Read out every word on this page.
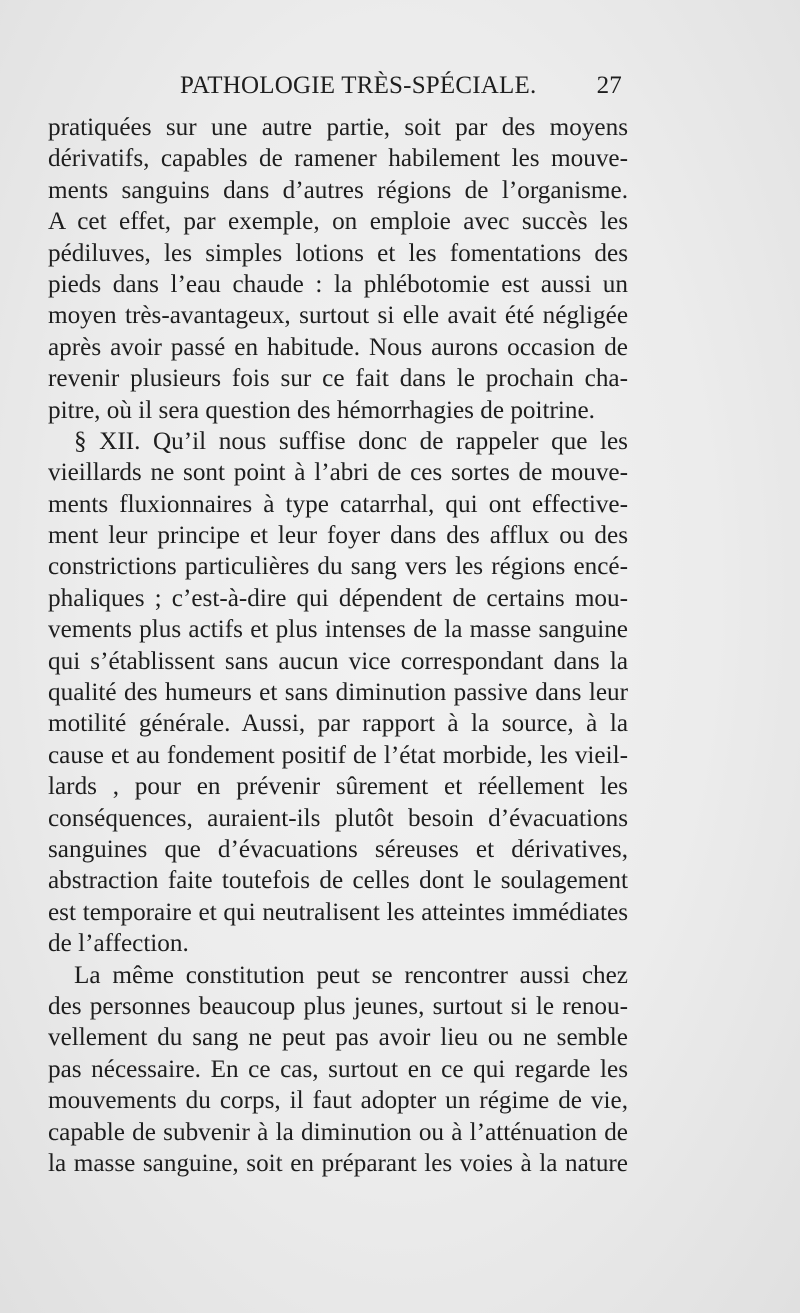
PATHOLOGIE TRÈS-SPÉCIALE. 27
pratiquées sur une autre partie, soit par des moyens
dérivatifs, capables de ramener habilement les mouve-
ments sanguins dans d’autres régions de l’organisme.
A cet effet, par exemple, on emploie avec succès les
pédiluves, les simples lotions et les fomentations des
pieds dans l’eau chaude : la phlébotomie est aussi un
moyen très-avantageux, surtout si elle avait été négligée
après avoir passé en habitude. Nous aurons occasion de
revenir plusieurs fois sur ce fait dans le prochain cha-
pitre, où il sera question des hémorrhagies de poitrine.
§ XII. Qu’il nous suffise donc de rappeler que les
vieillards ne sont point à l’abri de ces sortes de mouve-
ments fluxionnaires à type catarrhal, qui ont effective-
ment leur principe et leur foyer dans des afflux ou des
constrictions particulières du sang vers les régions encé-
phaliques ; c’est-à-dire qui dépendent de certains mou-
vements plus actifs et plus intenses de la masse sanguine
qui s’établissent sans aucun vice correspondant dans la
qualité des humeurs et sans diminution passive dans leur
motilité générale. Aussi, par rapport à la source, à la
cause et au fondement positif de l’état morbide, les vieil-
lards , pour en prévenir sûrement et réellement les
conséquences, auraient-ils plutôt besoin d’évacuations
sanguines que d’évacuations séreuses et dérivatives,
abstraction faite toutefois de celles dont le soulagement
est temporaire et qui neutralisent les atteintes immédiates
de l’affection.
La même constitution peut se rencontrer aussi chez
des personnes beaucoup plus jeunes, surtout si le renou-
vellement du sang ne peut pas avoir lieu ou ne semble
pas nécessaire. En ce cas, surtout en ce qui regarde les
mouvements du corps, il faut adopter un régime de vie,
capable de subvenir à la diminution ou à l’atténuation de
la masse sanguine, soit en préparant les voies à la nature
